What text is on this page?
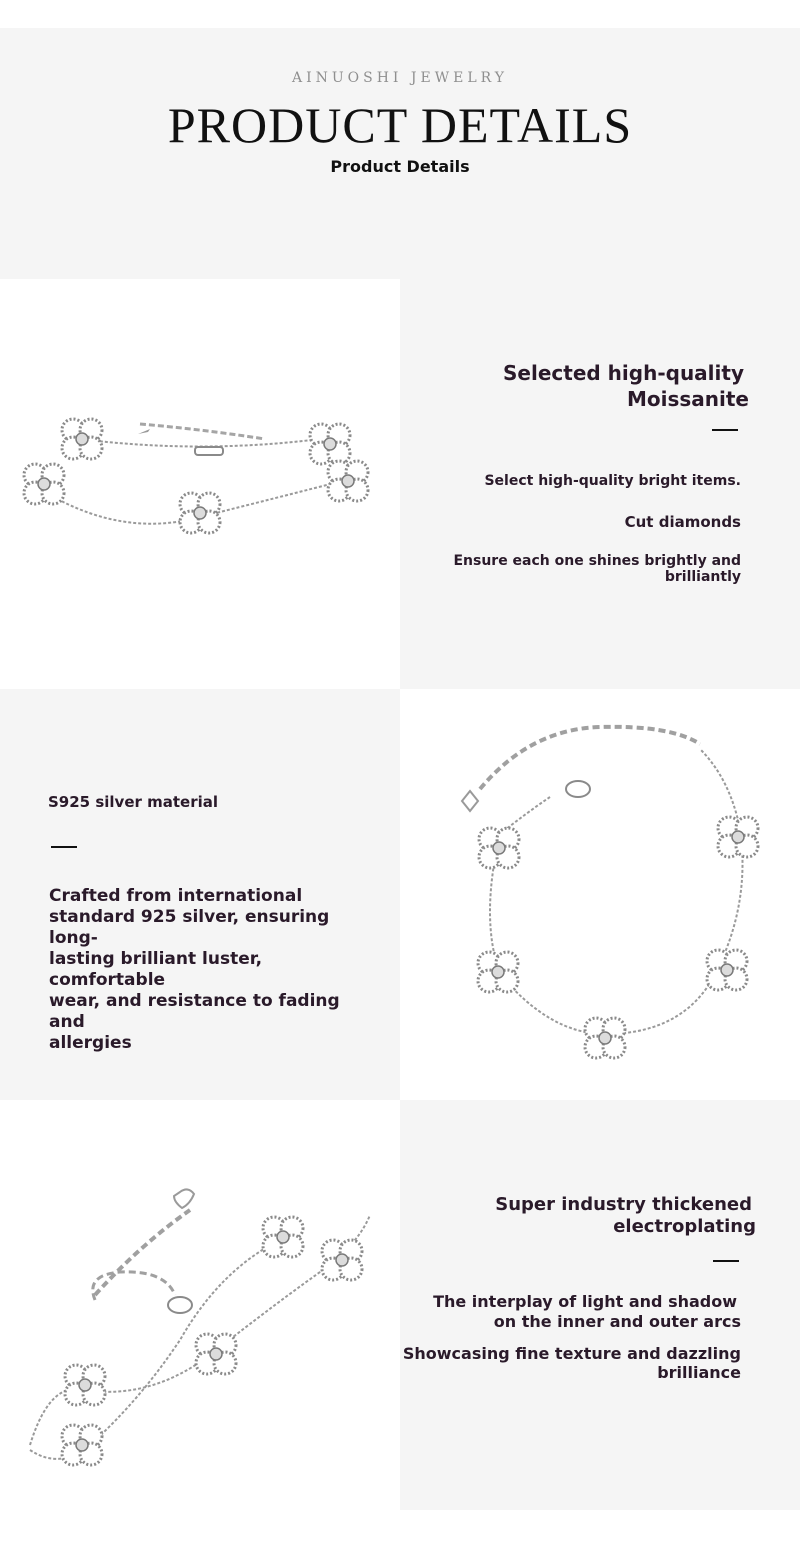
AINUOSHI JEWELRY
PRODUCT DETAILS
Product Details
Selected high-quality
Moissanite
Select high-quality bright items.
Cut diamonds
Ensure each one shines brightly and brilliantly
S925 silver material
Crafted from international
standard 925 silver, ensuring long-
lasting brilliant luster, comfortable
wear, and resistance to fading and
allergies
Super industry thickened
electroplating
The interplay of light and shadow
on the inner and outer arcs
Showcasing fine texture and dazzling brilliance
